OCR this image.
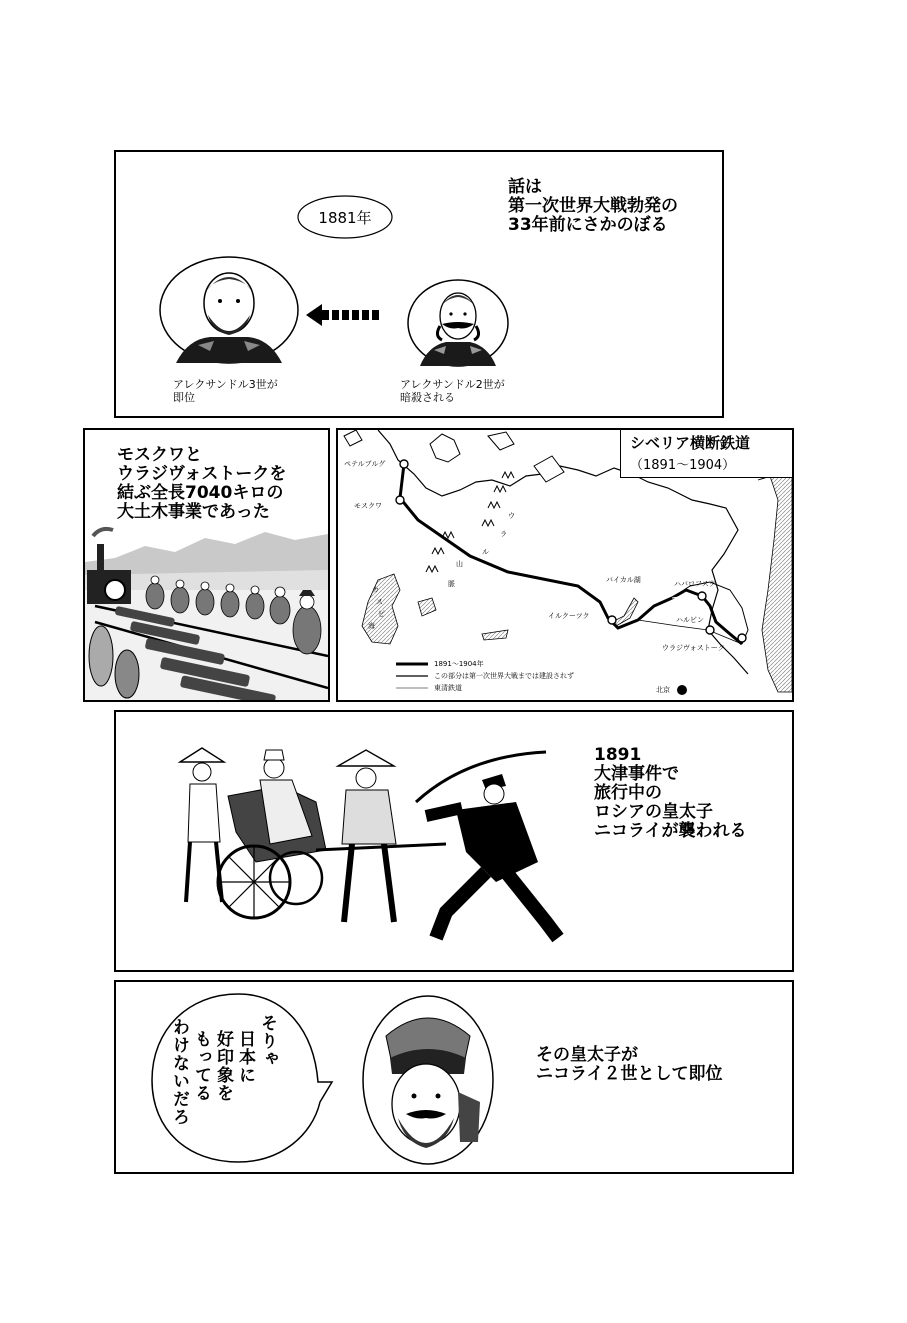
1881年
話は
第一次世界大戦勃発の
33年前にさかのぼる
アレクサンドル3世が
即位
アレクサンドル2世が
暗殺される
モスクワと
ウラジヴォストークを
結ぶ全長7040キロの
大土木事業であった
シベリア横断鉄道
（1891～1904）
ペテルブルグ
モスクワ
バイカル湖
イルクーツク
ハバロフスク
ハルビン
ウラジヴォストーク
北京
ウ
ラ
ル
山
脈
カ
ス
ピ
海
1891～1904年
この部分は第一次世界大戦までは建設されず
東清鉄道
1891
大津事件で
旅行中の
ロシアの皇太子
ニコライが襲われる
そりゃ
日本に
好印象を
もってる
わけないだろ	その皇太子が
ニコライ２世として即位
